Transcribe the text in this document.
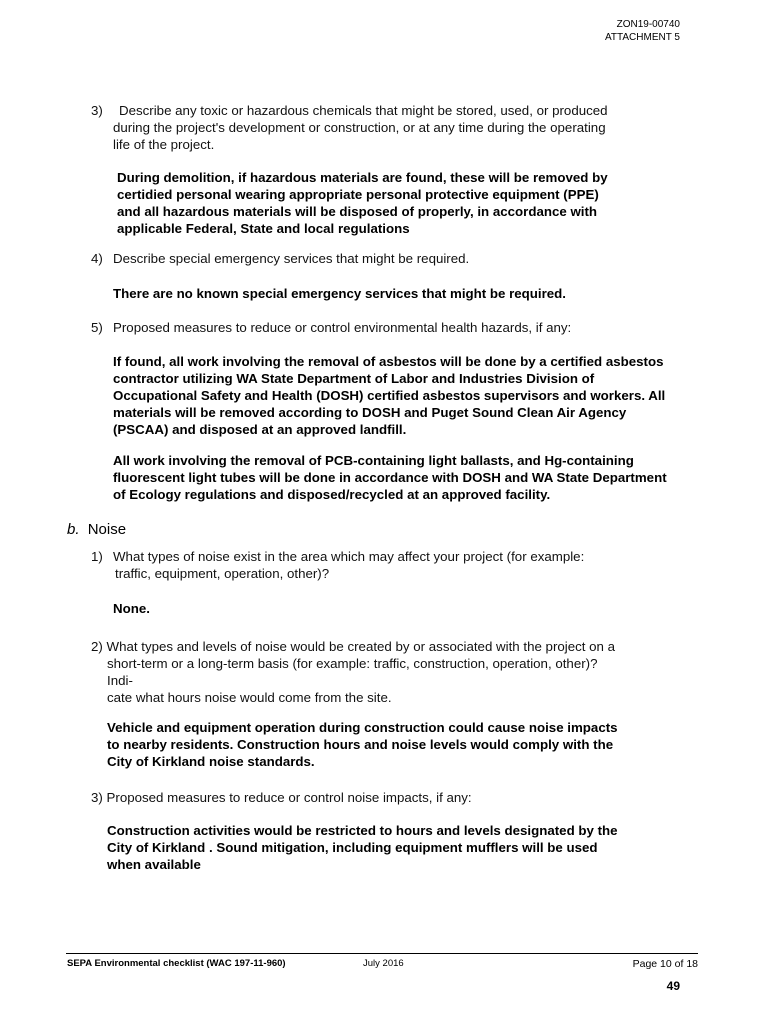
ZON19-00740
ATTACHMENT 5
3)	Describe any toxic or hazardous chemicals that might be stored, used, or produced
during the project's development or construction, or at any time during the operating
life of the project.
During demolition, if hazardous materials are found, these will be removed by
certidied personal wearing appropriate personal protective equipment (PPE)
and all hazardous materials will be disposed of properly, in accordance with
applicable Federal, State and local regulations
4) Describe special emergency services that might be required.
There are no known special emergency services that might be required.
5) Proposed measures to reduce or control environmental health hazards, if any:
If found, all work involving the removal of asbestos will be done by a certified asbestos
contractor utilizing WA State Department of Labor and Industries Division of
Occupational Safety and Health (DOSH) certified asbestos supervisors and workers. All
materials will be removed according to DOSH and Puget Sound Clean Air Agency
(PSCAA) and disposed at an approved landfill.
All work involving the removal of PCB-containing light ballasts, and Hg-containing
fluorescent light tubes will be done in accordance with DOSH and WA State Department
of Ecology regulations and disposed/recycled at an approved facility.
b. Noise
1) What types of noise exist in the area which may affect your project (for example:
traffic, equipment, operation, other)?
None.
2) What types and levels of noise would be created by or associated with the project on a
short-term or a long-term basis (for example: traffic, construction, operation, other)?
Indi-
cate what hours noise would come from the site.
Vehicle and equipment operation during construction could cause noise impacts
to nearby residents. Construction hours and noise levels would comply with the
City of Kirkland noise standards.
3) Proposed measures to reduce or control noise impacts, if any:
Construction activities would be restricted to hours and levels designated by the
City of Kirkland . Sound mitigation, including equipment mufflers will be used
when available
SEPA Environmental checklist (WAC 197-11-960)	July 2016	Page 10 of 18
49
